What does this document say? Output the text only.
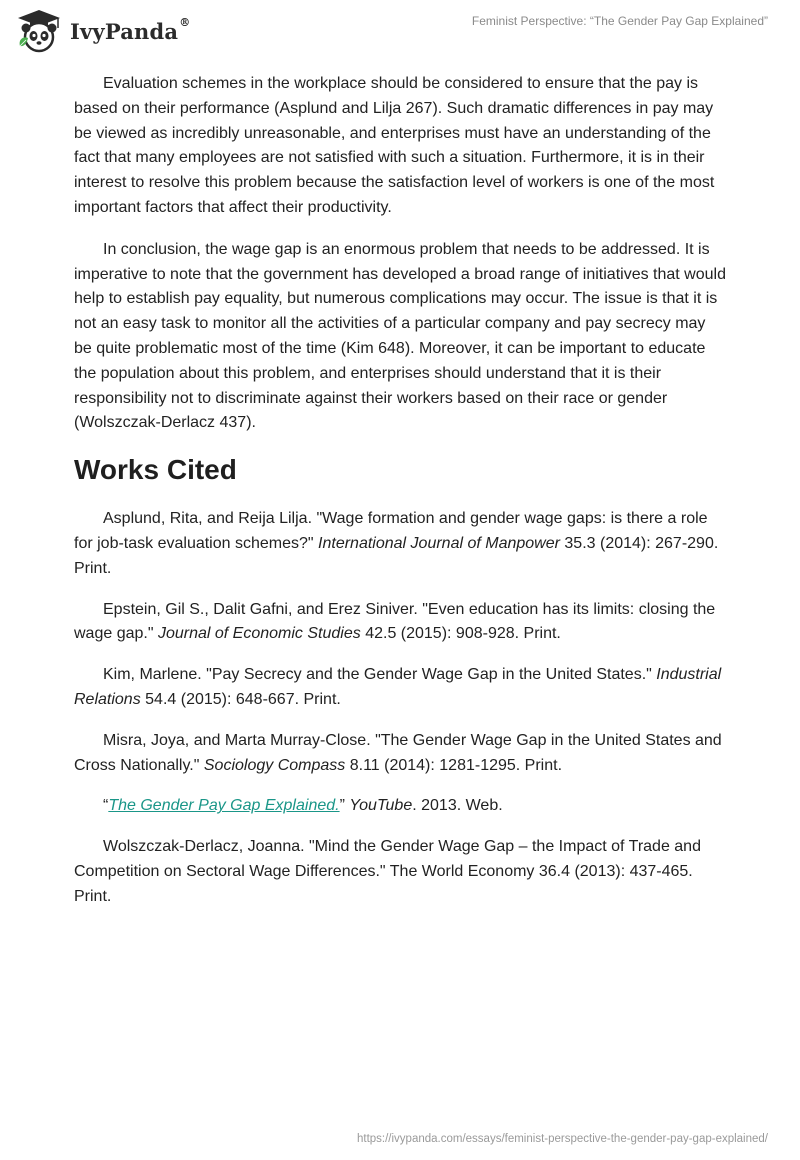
IvyPanda®	Feminist Perspective: “The Gender Pay Gap Explained”

Evaluation schemes in the workplace should be considered to ensure that the pay is based on their performance (Asplund and Lilja 267). Such dramatic differences in pay may be viewed as incredibly unreasonable, and enterprises must have an understanding of the fact that many employees are not satisfied with such a situation. Furthermore, it is in their interest to resolve this problem because the satisfaction level of workers is one of the most important factors that affect their productivity.

In conclusion, the wage gap is an enormous problem that needs to be addressed. It is imperative to note that the government has developed a broad range of initiatives that would help to establish pay equality, but numerous complications may occur. The issue is that it is not an easy task to monitor all the activities of a particular company and pay secrecy may be quite problematic most of the time (Kim 648). Moreover, it can be important to educate the population about this problem, and enterprises should understand that it is their responsibility not to discriminate against their workers based on their race or gender (Wolszczak-Derlacz 437).

Works Cited

Asplund, Rita, and Reija Lilja. "Wage formation and gender wage gaps: is there a role for job-task evaluation schemes?" International Journal of Manpower 35.3 (2014): 267-290. Print.

Epstein, Gil S., Dalit Gafni, and Erez Siniver. "Even education has its limits: closing the wage gap." Journal of Economic Studies 42.5 (2015): 908-928. Print.

Kim, Marlene. "Pay Secrecy and the Gender Wage Gap in the United States." Industrial Relations 54.4 (2015): 648-667. Print.

Misra, Joya, and Marta Murray-Close. "The Gender Wage Gap in the United States and Cross Nationally." Sociology Compass 8.11 (2014): 1281-1295. Print.

“The Gender Pay Gap Explained.” YouTube. 2013. Web.

Wolszczak-Derlacz, Joanna. "Mind the Gender Wage Gap – the Impact of Trade and Competition on Sectoral Wage Differences." The World Economy 36.4 (2013): 437-465. Print.

https://ivypanda.com/essays/feminist-perspective-the-gender-pay-gap-explained/
